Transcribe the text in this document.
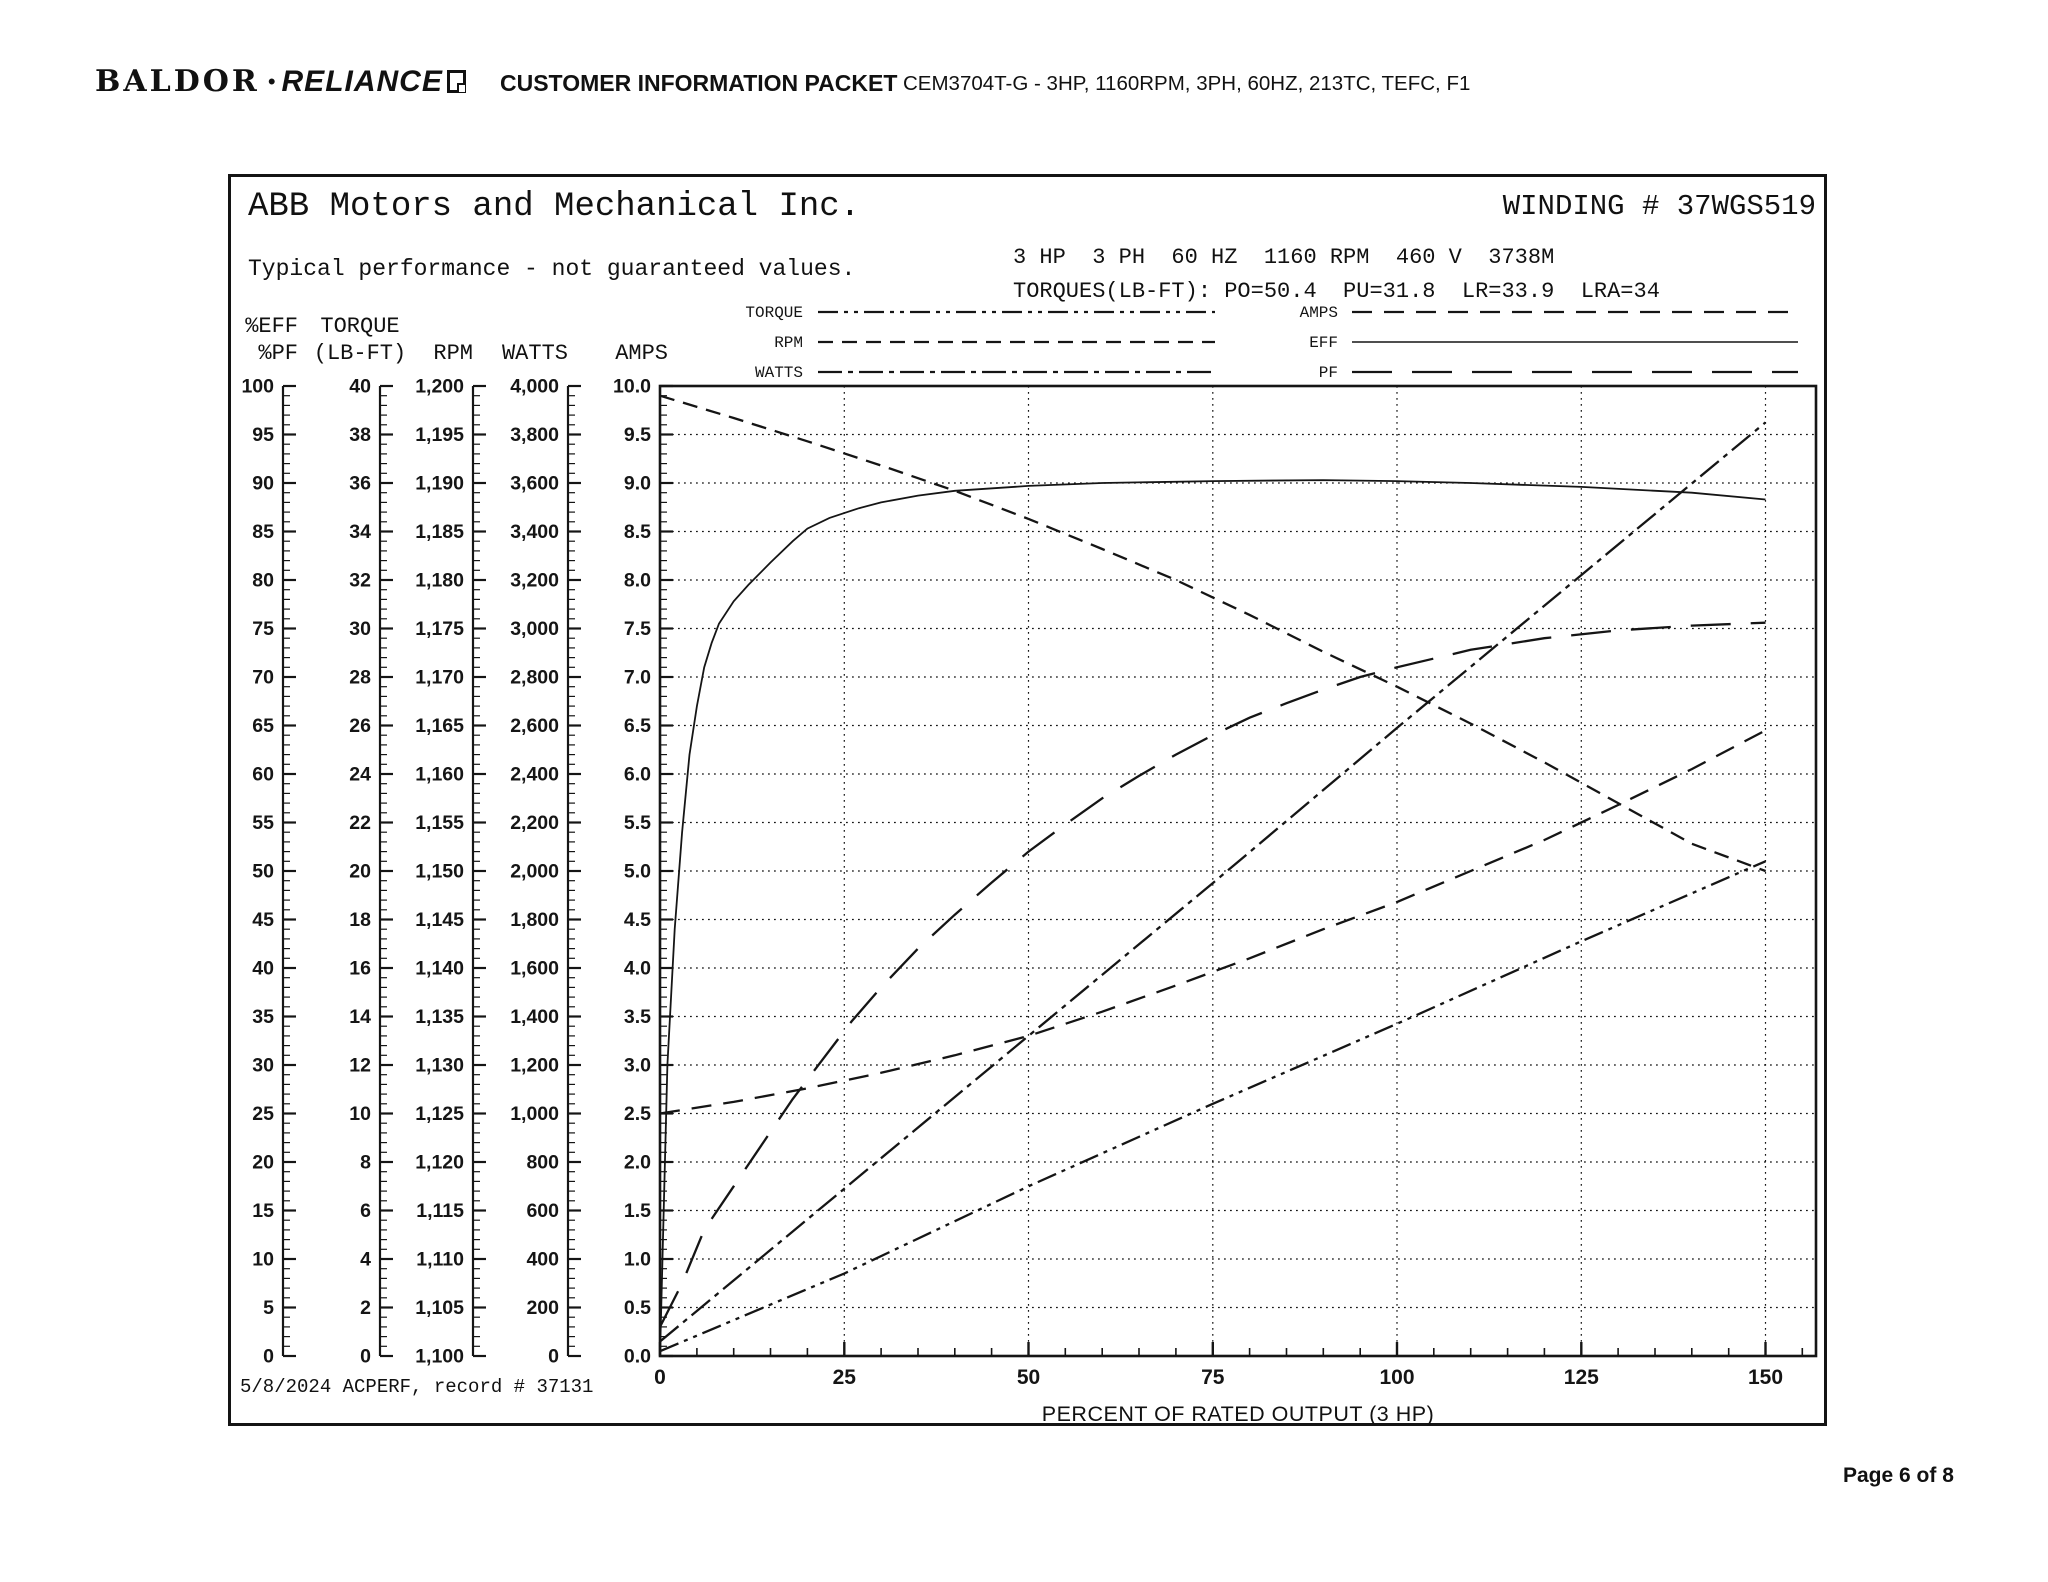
BALDOR • RELIANCE CUSTOMER INFORMATION PACKET CEM3704T-G - 3HP, 1160RPM, 3PH, 60HZ, 213TC, TEFC, F1
ABB Motors and Mechanical Inc.	WINDING # 37WGS519
Typical performance - not guaranteed values.	3 HP  3 PH  60 HZ  1160 RPM  460 V  3738M
TORQUES(LB-FT): PO=50.4  PU=31.8  LR=33.9  LRA=34
%EFF
%PF
TORQUE
(LB-FT)	RPM	WATTS	AMPS
0	25	50	75	100	125	150
100
95
90
85
80
75
70
65
60
55
50
45
40
35
30
25
20
15
10
5
0
40
38
36
34
32
30
28
26
24
22
20
18
16
14
12
10
8
6
4
2
0
1,200
1,195
1,190
1,185
1,180
1,175
1,170
1,165
1,160
1,155
1,150
1,145
1,140
1,135
1,130
1,125
1,120
1,115
1,110
1,105
1,100
4,000
3,800
3,600
3,400
3,200
3,000
2,800
2,600
2,400
2,200
2,000
1,800
1,600
1,400
1,200
1,000
800
600
400
200
0
10.0
9.5
9.0
8.5
8.0
7.5
7.0
6.5
6.0
5.5
5.0
4.5
4.0
3.5
3.0
2.5
2.0
1.5
1.0
0.5
0.0
TORQUE
RPM
WATTS
AMPS
EFF
PF
5/8/2024 ACPERF, record # 37131
PERCENT OF RATED OUTPUT (3 HP)
Page 6 of 8
